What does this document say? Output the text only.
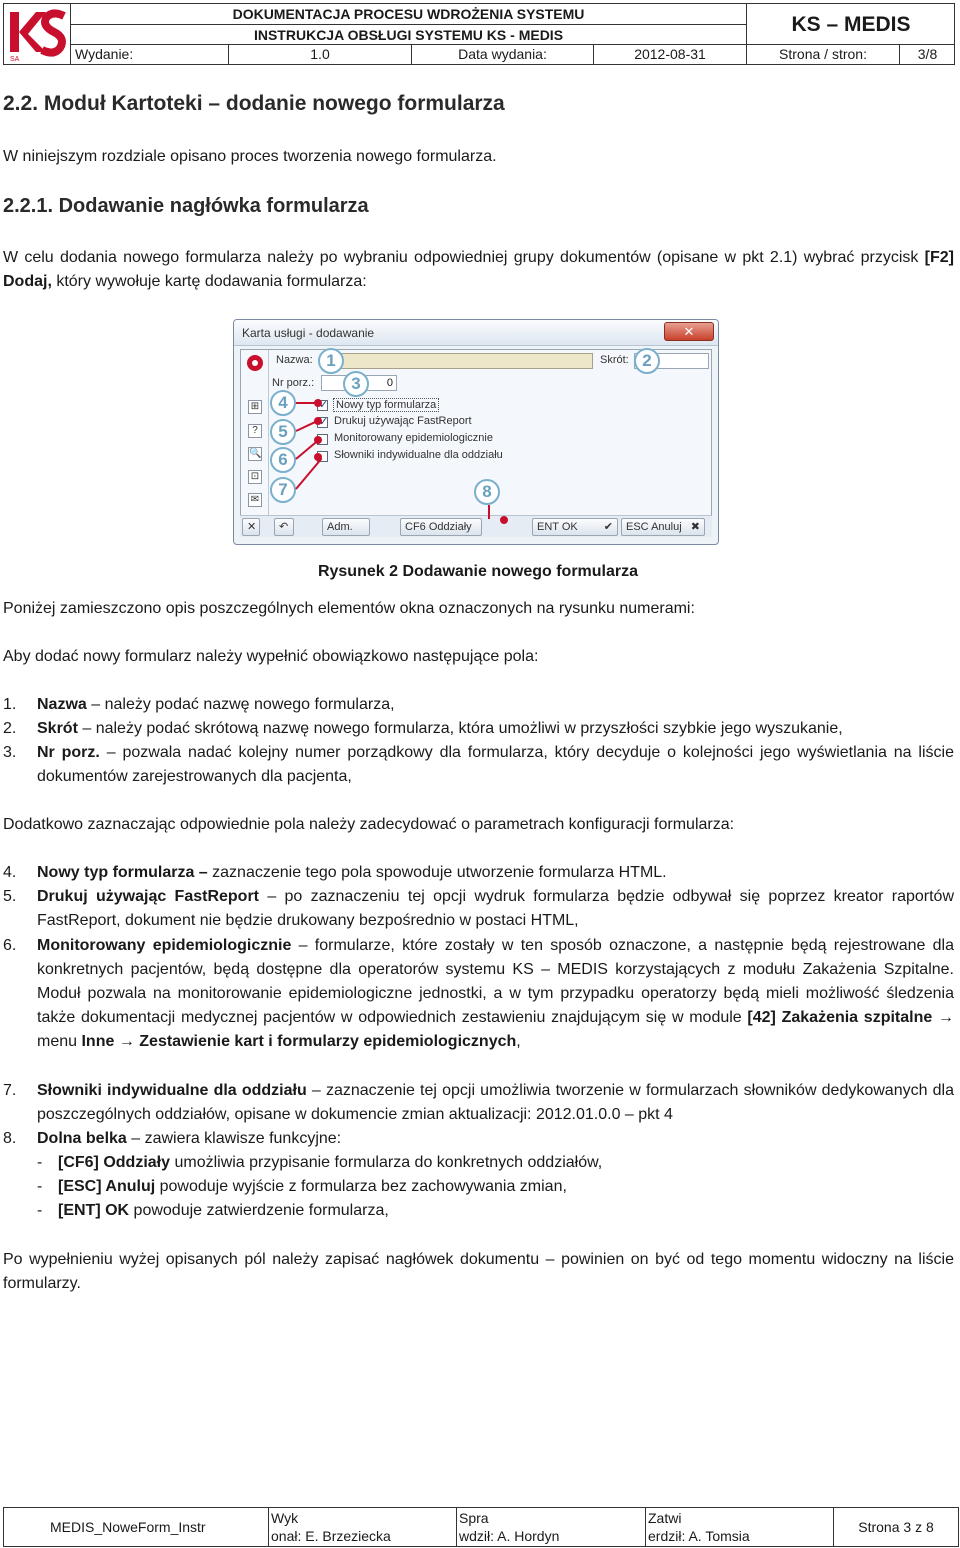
SA
DOKUMENTACJA PROCESU WDROŻENIA SYSTEMU
INSTRUKCJA OBSŁUGI SYSTEMU KS - MEDIS	KS – MEDIS
Wydanie:	1.0	Data wydania:	2012-08-31	Strona / stron:	3/8
2.2. Moduł Kartoteki – dodanie nowego formularza
W niniejszym rozdziale opisano proces tworzenia nowego formularza.
2.2.1. Dodawanie nagłówka formularza
W celu dodania nowego formularza należy po wybraniu odpowiedniej grupy dokumentów (opisane w pkt 2.1) wybrać przycisk [F2] Dodaj, który wywołuje kartę dodawania formularza:
Karta usługi - dodawanie	✕
⊞
?
🔍
⊡
✉
Nazwa:	Skrót:
Nr porz.:	0
✓
Nowy typ formularza
✓
Drukuj używając FastReport
Monitorowany epidemiologicznie
Słowniki indywidualne dla oddziału
✕	↶	Adm.	CF6 Oddziały	ENT OK ✔	ESC Anuluj ✖
1	2
3
4
5
6
7	8
Rysunek 2 Dodawanie nowego formularza
Poniżej zamieszczono opis poszczególnych elementów okna oznaczonych na rysunku numerami:
Aby dodać nowy formularz należy wypełnić obowiązkowo następujące pola:
1. Nazwa – należy podać nazwę nowego formularza,
2. Skrót – należy podać skrótową nazwę nowego formularza, która umożliwi w przyszłości szybkie jego wyszukanie,
3. Nr porz. – pozwala nadać kolejny numer porządkowy dla formularza, który decyduje o kolejności jego wyświetlania na liście dokumentów zarejestrowanych dla pacjenta,
Dodatkowo zaznaczając odpowiednie pola należy zadecydować o parametrach konfiguracji formularza:
4. Nowy typ formularza – zaznaczenie tego pola spowoduje utworzenie formularza HTML.
5. Drukuj używając FastReport – po zaznaczeniu tej opcji wydruk formularza będzie odbywał się poprzez kreator raportów FastReport, dokument nie będzie drukowany bezpośrednio w postaci HTML,
6. Monitorowany epidemiologicznie – formularze, które zostały w ten sposób oznaczone, a następnie będą rejestrowane dla konkretnych pacjentów, będą dostępne dla operatorów systemu KS – MEDIS korzystających z modułu Zakażenia Szpitalne. Moduł pozwala na monitorowanie epidemiologiczne jednostki, a w tym przypadku operatorzy będą mieli możliwość śledzenia także dokumentacji medycznej pacjentów w odpowiednich zestawieniu znajdującym się w module [42] Zakażenia szpitalne → menu Inne → Zestawienie kart i formularzy epidemiologicznych,
7. Słowniki indywidualne dla oddziału – zaznaczenie tej opcji umożliwia tworzenie w formularzach słowników dedykowanych dla poszczególnych oddziałów, opisane w dokumencie zmian aktualizacji: 2012.01.0.0 – pkt 4
8. Dolna belka – zawiera klawisze funkcyjne:
- [CF6] Oddziały umożliwia przypisanie formularza do konkretnych oddziałów,
- [ESC] Anuluj powoduje wyjście z formularza bez zachowywania zmian,
- [ENT] OK powoduje zatwierdzenie formularza,
Po wypełnieniu wyżej opisanych pól należy zapisać nagłówek dokumentu – powinien on być od tego momentu widoczny na liście formularzy.
MEDIS_NoweForm_Instr
Wyk
onał: E. Brzeziecka
Spra
wdził: A. Hordyn
Zatwi
erdził: A. Tomsia
Strona 3 z 8
